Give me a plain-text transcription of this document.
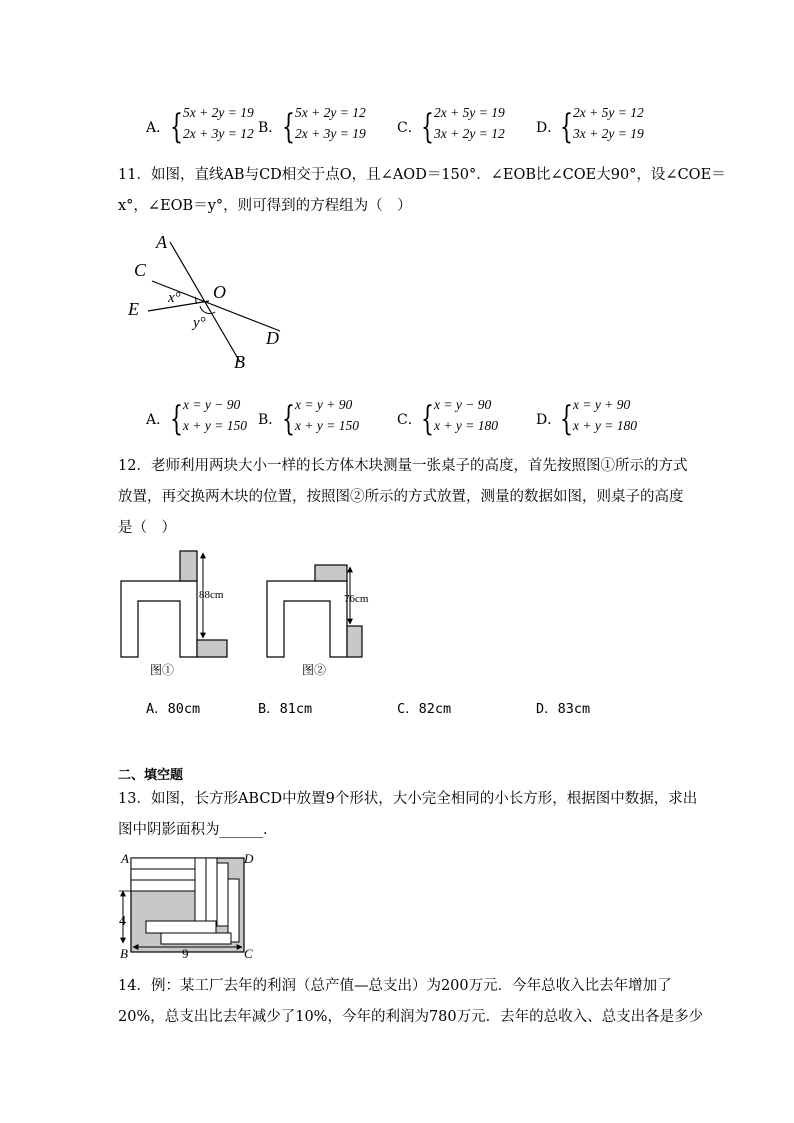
A． { 5x + 2y = 19
2x + 3y = 12 B． { 5x + 2y = 12
2x + 3y = 19 C． { 2x + 5y = 19
3x + 2y = 12 D．
{ 2x + 5y = 12
3x + 2y = 19
11．如图，直线AB与CD相交于点O，且∠AOD＝150°．∠EOB比∠COE大90°，设∠COE＝
x°，∠EOB＝y°，则可得到的方程组为（　）
A
C
E
O
D
B
x°
y°
A． { x = y − 90
x + y = 150 B． { x = y + 90
x + y = 150	C． { x = y − 90
x + y = 180	D．
{ x = y + 90
x + y = 180
12．老师利用两块大小一样的长方体木块测量一张桌子的高度，首先按照图①所示的方式
放置，再交换两木块的位置，按照图②所示的方式放置，测量的数据如图，则桌子的高度
是（　）
88cm
图①
76cm
图②
A．80cm	B．81cm	C．82cm	D．83cm
二、填空题
13．如图，长方形ABCD中放置9个形状，大小完全相同的小长方形，根据图中数据，求出
图中阴影面积为______．
4
9
A	D
B	C
14．例：某工厂去年的利润（总产值—总支出）为200万元．今年总收入比去年增加了
20%，总支出比去年减少了10%，今年的利润为780万元．去年的总收入、总支出各是多少
